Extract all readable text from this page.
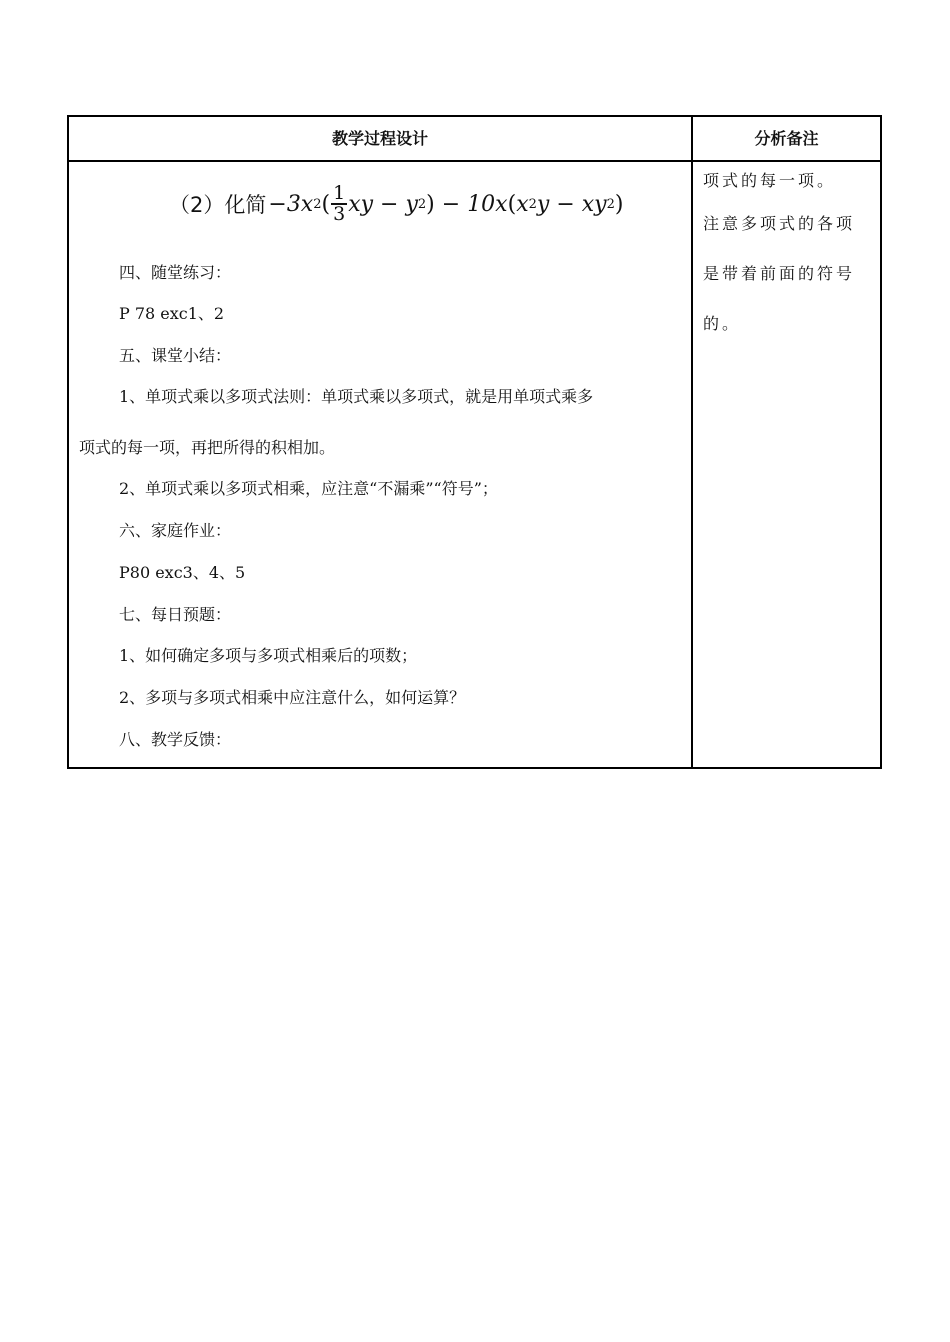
教学过程设计	分析备注
（2）化简 − 3x 2 ( $\frac{1}{3}$ xy − y 2 ) − 10x ( x 2 y − xy 2 )
四、随堂练习：
P 78 exc1、2
五、课堂小结：
1、单项式乘以多项式法则：单项式乘以多项式，就是用单项式乘多
项式的每一项，再把所得的积相加。
2、单项式乘以多项式相乘，应注意“不漏乘”“符号”；
六、家庭作业：
P80 exc3、4、5
七、每日预题：
1、如何确定多项与多项式相乘后的项数；
2、多项与多项式相乘中应注意什么，如何运算？
八、教学反馈：
项式的每一项。
注意多项式的各项
是带着前面的符号
的。
